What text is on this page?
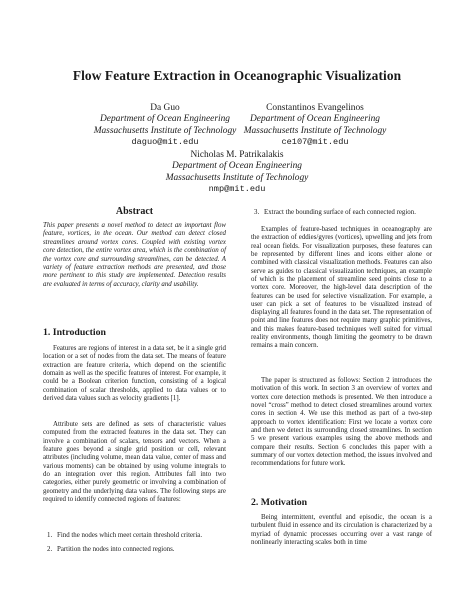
Flow Feature Extraction in Oceanographic Visualization
Da Guo
Department of Ocean Engineering
Massachusetts Institute of Technology
daguo@mit.edu
Constantinos Evangelinos
Department of Ocean Engineering
Massachusetts Institute of Technology
ce107@mit.edu
Nicholas M. Patrikalakis
Department of Ocean Engineering
Massachusetts Institute of Technology
nmp@mit.edu
Abstract
This paper presents a novel method to detect an important flow feature, vortices, in the ocean. Our method can detect closed streamlines around vortex cores. Coupled with existing vortex core detection, the entire vortex area, which is the combination of the vortex core and surrounding streamlines, can be detected. A variety of feature extraction methods are presented, and those more pertinent to this study are implemented. Detection results are evaluated in terms of accuracy, clarity and usability.
1. Introduction
Features are regions of interest in a data set, be it a single grid location or a set of nodes from the data set. The means of feature extraction are feature criteria, which depend on the scientific domain as well as the specific features of interest. For example, it could be a Boolean criterion function, consisting of a logical combination of scalar thresholds, applied to data values or to derived data values such as velocity gradients [1].
Attribute sets are defined as sets of characteristic values computed from the extracted features in the data set. They can involve a combination of scalars, tensors and vectors. When a feature goes beyond a single grid position or cell, relevant attributes (including volume, mean data value, center of mass and various moments) can be obtained by using volume integrals to do an integration over this region. Attributes fall into two categories, either purely geometric or involving a combination of geometry and the underlying data values. The following steps are required to identify connected regions of features:
1. Find the nodes which meet certain threshold criteria.
2. Partition the nodes into connected regions.
3. Extract the bounding surface of each connected region.
Examples of feature-based techniques in oceanography are the extraction of eddies/gyres (vortices), upwelling and jets from real ocean fields. For visualization purposes, these features can be represented by different lines and icons either alone or combined with classical visualization methods. Features can also serve as guides to classical visualization techniques, an example of which is the placement of streamline seed points close to a vortex core. Moreover, the high-level data description of the features can be used for selective visualization. For example, a user can pick a set of features to be visualized instead of displaying all features found in the data set. The representation of point and line features does not require many graphic primitives, and this makes feature-based techniques well suited for virtual reality environments, though limiting the geometry to be drawn remains a main concern.
The paper is structured as follows: Section 2 introduces the motivation of this work. In section 3 an overview of vortex and vortex core detection methods is presented. We then introduce a novel “cross” method to detect closed streamlines around vortex cores in section 4. We use this method as part of a two-step approach to vortex identification: First we locate a vortex core and then we detect its surrounding closed streamlines. In section 5 we present various examples using the above methods and compare their results. Section 6 concludes this paper with a summary of our vortex detection method, the issues involved and recommendations for future work.
2. Motivation
Being intermittent, eventful and episodic, the ocean is a turbulent fluid in essence and its circulation is characterized by a myriad of dynamic processes occurring over a vast range of nonlinearly interacting scales both in time
